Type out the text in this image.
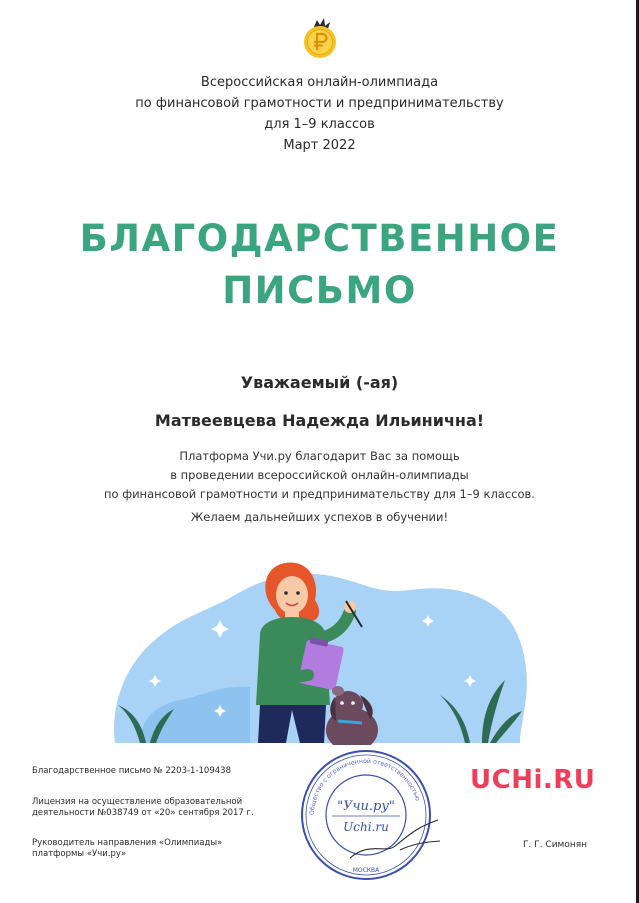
Всероссийская онлайн-олимпиада
по финансовой грамотности и предпринимательству
для 1–9 классов
Март 2022
БЛАГОДАРСТВЕННОЕ
ПИСЬМО
Уважаемый (-ая)
Матвеевцева Надежда Ильинична!
Платформа Учи.ру благодарит Вас за помощь
в проведении всероссийской онлайн-олимпиады
по финансовой грамотности и предпринимательству для 1–9 классов.
Желаем дальнейших успехов в обучении!
Благодарственное письмо № 2203-1-109438
Лицензия на осуществление образовательной
деятельности №038749 от «20» сентября 2017 г.
Руководитель направления «Олимпиады»
платформы «Учи.ру»
Общество с ограниченной ответственностью
МОСКВА
"Учи.ру"
Uchi.ru
UCHi.RU
Г. Г. Симонян
